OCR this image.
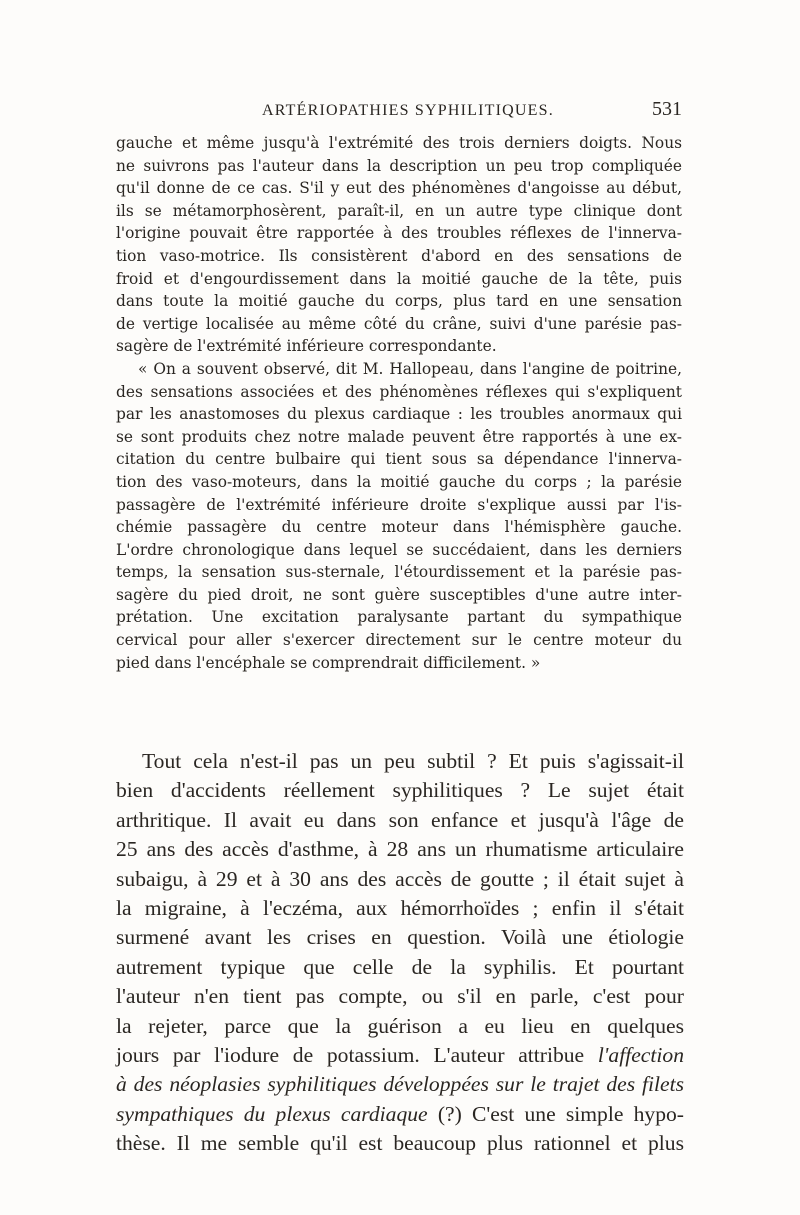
ARTÉRIOPATHIES SYPHILITIQUES.	531
gauche et même jusqu'à l'extrémité des trois derniers doigts. Nous
ne suivrons pas l'auteur dans la description un peu trop compliquée
qu'il donne de ce cas. S'il y eut des phénomènes d'angoisse au début,
ils se métamorphosèrent, paraît-il, en un autre type clinique dont
l'origine pouvait être rapportée à des troubles réflexes de l'innerva-
tion vaso-motrice. Ils consistèrent d'abord en des sensations de
froid et d'engourdissement dans la moitié gauche de la tête, puis
dans toute la moitié gauche du corps, plus tard en une sensation
de vertige localisée au même côté du crâne, suivi d'une parésie pas-
sagère de l'extrémité inférieure correspondante.
« On a souvent observé, dit M. Hallopeau, dans l'angine de poitrine,
des sensations associées et des phénomènes réflexes qui s'expliquent
par les anastomoses du plexus cardiaque : les troubles anormaux qui
se sont produits chez notre malade peuvent être rapportés à une ex-
citation du centre bulbaire qui tient sous sa dépendance l'innerva-
tion des vaso-moteurs, dans la moitié gauche du corps ; la parésie
passagère de l'extrémité inférieure droite s'explique aussi par l'is-
chémie passagère du centre moteur dans l'hémisphère gauche.
L'ordre chronologique dans lequel se succédaient, dans les derniers
temps, la sensation sus-sternale, l'étourdissement et la parésie pas-
sagère du pied droit, ne sont guère susceptibles d'une autre inter-
prétation. Une excitation paralysante partant du sympathique
cervical pour aller s'exercer directement sur le centre moteur du
pied dans l'encéphale se comprendrait difficilement. »
Tout cela n'est-il pas un peu subtil ? Et puis s'agissait-il
bien d'accidents réellement syphilitiques ? Le sujet était
arthritique. Il avait eu dans son enfance et jusqu'à l'âge de
25 ans des accès d'asthme, à 28 ans un rhumatisme articulaire
subaigu, à 29 et à 30 ans des accès de goutte ; il était sujet à
la migraine, à l'eczéma, aux hémorrhoïdes ; enfin il s'était
surmené avant les crises en question. Voilà une étiologie
autrement typique que celle de la syphilis. Et pourtant
l'auteur n'en tient pas compte, ou s'il en parle, c'est pour
la rejeter, parce que la guérison a eu lieu en quelques
jours par l'iodure de potassium. L'auteur attribue l'affection
à des néoplasies syphilitiques développées sur le trajet des filets
sympathiques du plexus cardiaque (?) C'est une simple hypo-
thèse. Il me semble qu'il est beaucoup plus rationnel et plus
